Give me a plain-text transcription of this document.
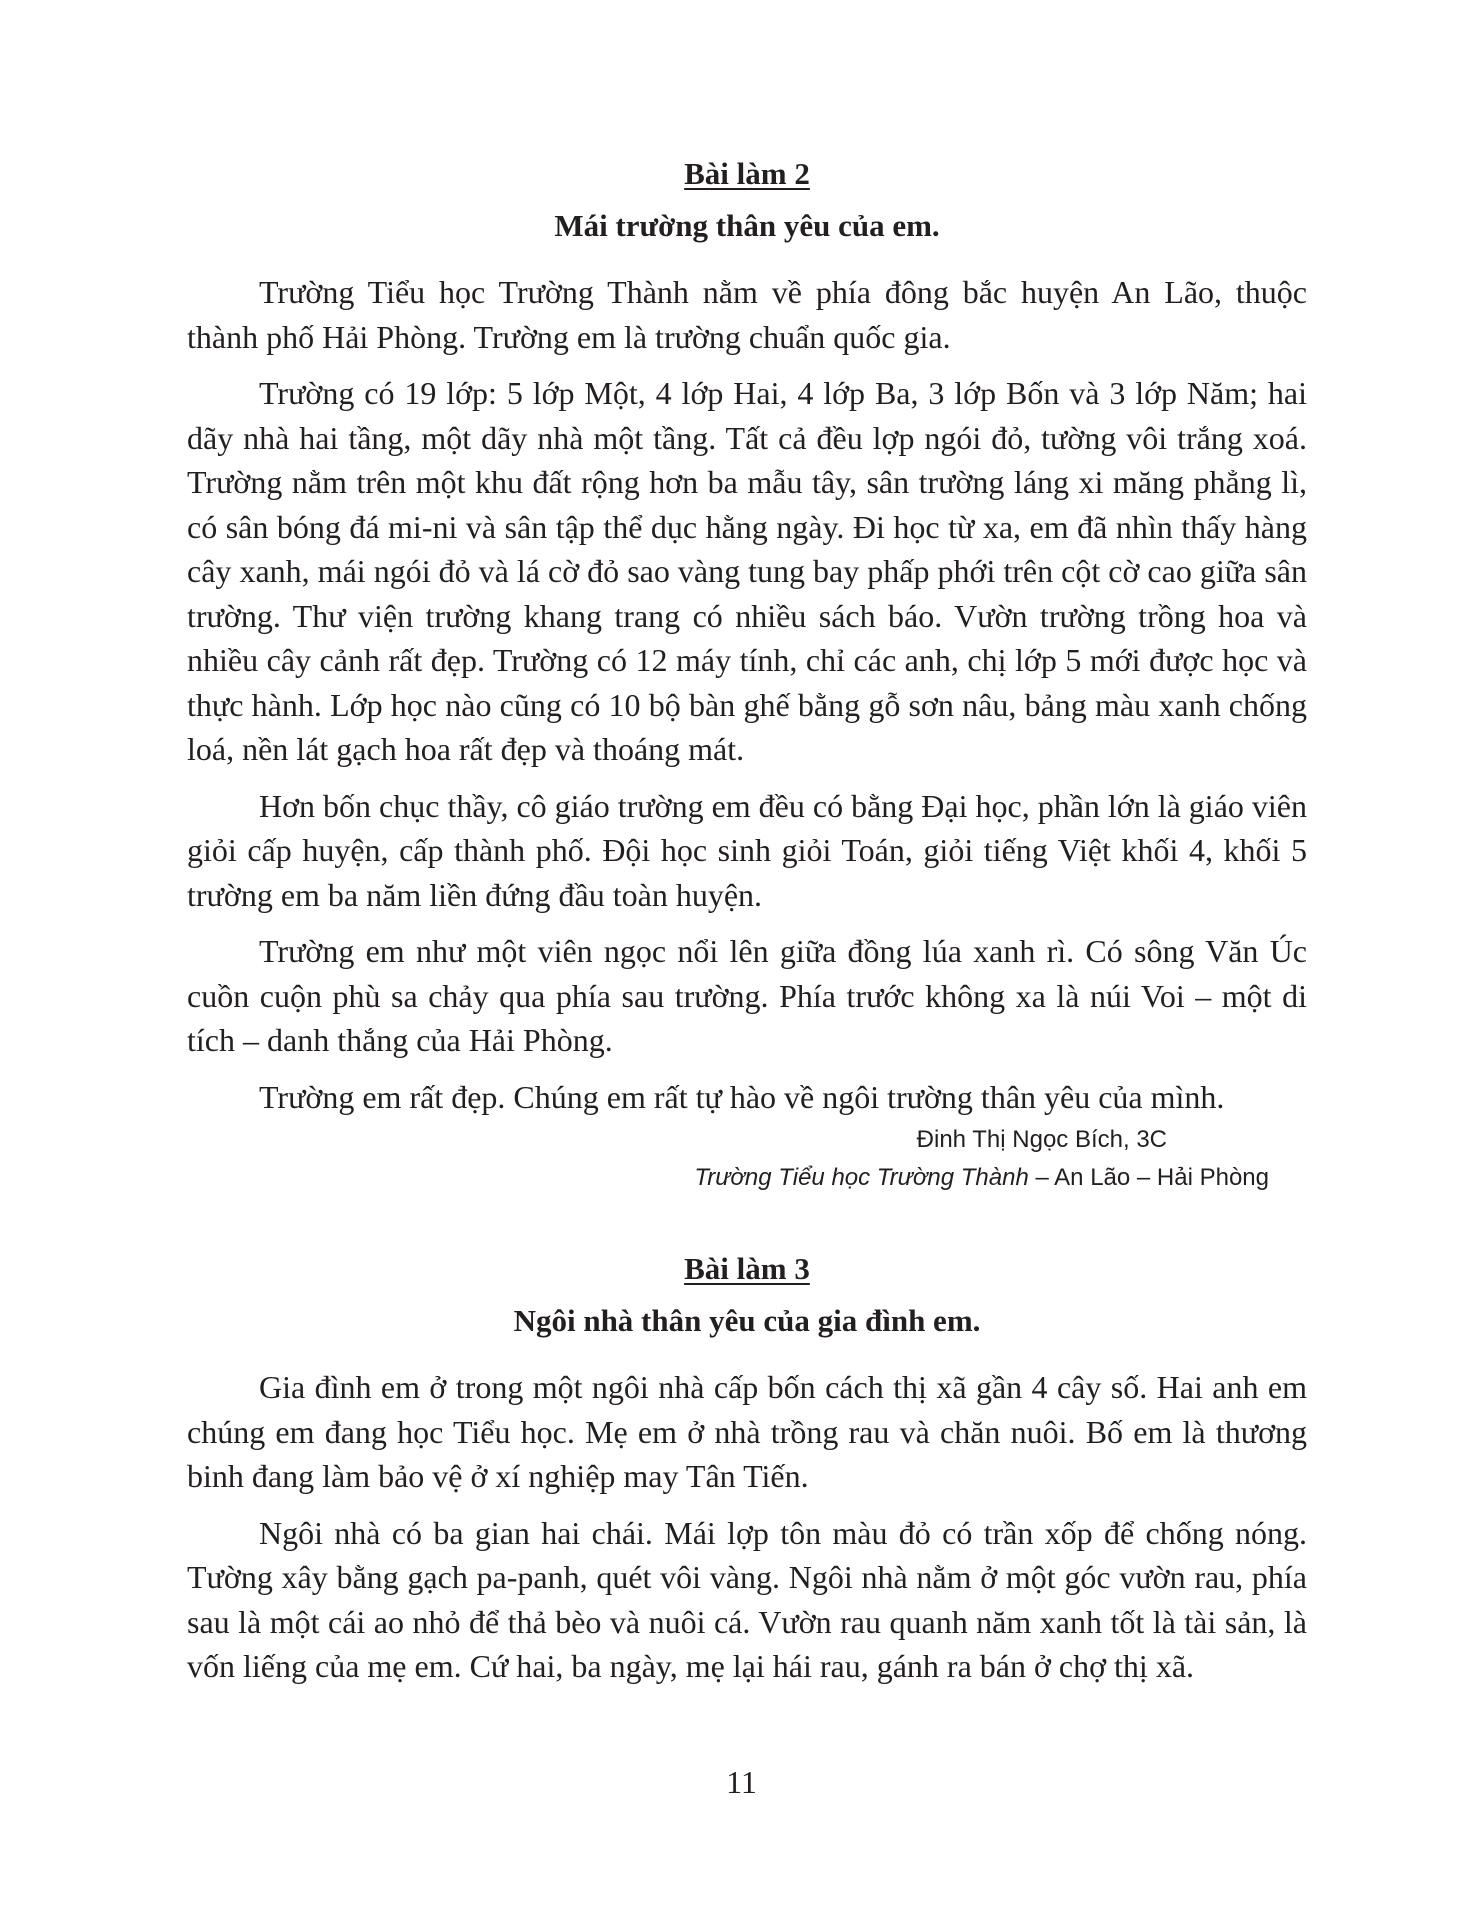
Bài làm 2
Mái trường thân yêu của em.

Trường Tiểu học Trường Thành nằm về phía đông bắc huyện An Lão, thuộc thành phố Hải Phòng. Trường em là trường chuẩn quốc gia.

Trường có 19 lớp: 5 lớp Một, 4 lớp Hai, 4 lớp Ba, 3 lớp Bốn và 3 lớp Năm; hai dãy nhà hai tầng, một dãy nhà một tầng. Tất cả đều lợp ngói đỏ, tường vôi trắng xoá. Trường nằm trên một khu đất rộng hơn ba mẫu tây, sân trường láng xi măng phẳng lì, có sân bóng đá mi-ni và sân tập thể dục hằng ngày. Đi học từ xa, em đã nhìn thấy hàng cây xanh, mái ngói đỏ và lá cờ đỏ sao vàng tung bay phấp phới trên cột cờ cao giữa sân trường. Thư viện trường khang trang có nhiều sách báo. Vườn trường trồng hoa và nhiều cây cảnh rất đẹp. Trường có 12 máy tính, chỉ các anh, chị lớp 5 mới được học và thực hành. Lớp học nào cũng có 10 bộ bàn ghế bằng gỗ sơn nâu, bảng màu xanh chống loá, nền lát gạch hoa rất đẹp và thoáng mát.

Hơn bốn chục thầy, cô giáo trường em đều có bằng Đại học, phần lớn là giáo viên giỏi cấp huyện, cấp thành phố. Đội học sinh giỏi Toán, giỏi tiếng Việt khối 4, khối 5 trường em ba năm liền đứng đầu toàn huyện.

Trường em như một viên ngọc nổi lên giữa đồng lúa xanh rì. Có sông Văn Úc cuồn cuộn phù sa chảy qua phía sau trường. Phía trước không xa là núi Voi – một di tích – danh thắng của Hải Phòng.

Trường em rất đẹp. Chúng em rất tự hào về ngôi trường thân yêu của mình.

Đinh Thị Ngọc Bích, 3C
Trường Tiểu học Trường Thành – An Lão – Hải Phòng
Bài làm 3
Ngôi nhà thân yêu của gia đình em.

Gia đình em ở trong một ngôi nhà cấp bốn cách thị xã gần 4 cây số. Hai anh em chúng em đang học Tiểu học. Mẹ em ở nhà trồng rau và chăn nuôi. Bố em là thương binh đang làm bảo vệ ở xí nghiệp may Tân Tiến.

Ngôi nhà có ba gian hai chái. Mái lợp tôn màu đỏ có trần xốp để chống nóng. Tường xây bằng gạch pa-panh, quét vôi vàng. Ngôi nhà nằm ở một góc vườn rau, phía sau là một cái ao nhỏ để thả bèo và nuôi cá. Vườn rau quanh năm xanh tốt là tài sản, là vốn liếng của mẹ em. Cứ hai, ba ngày, mẹ lại hái rau, gánh ra bán ở chợ thị xã.

11
